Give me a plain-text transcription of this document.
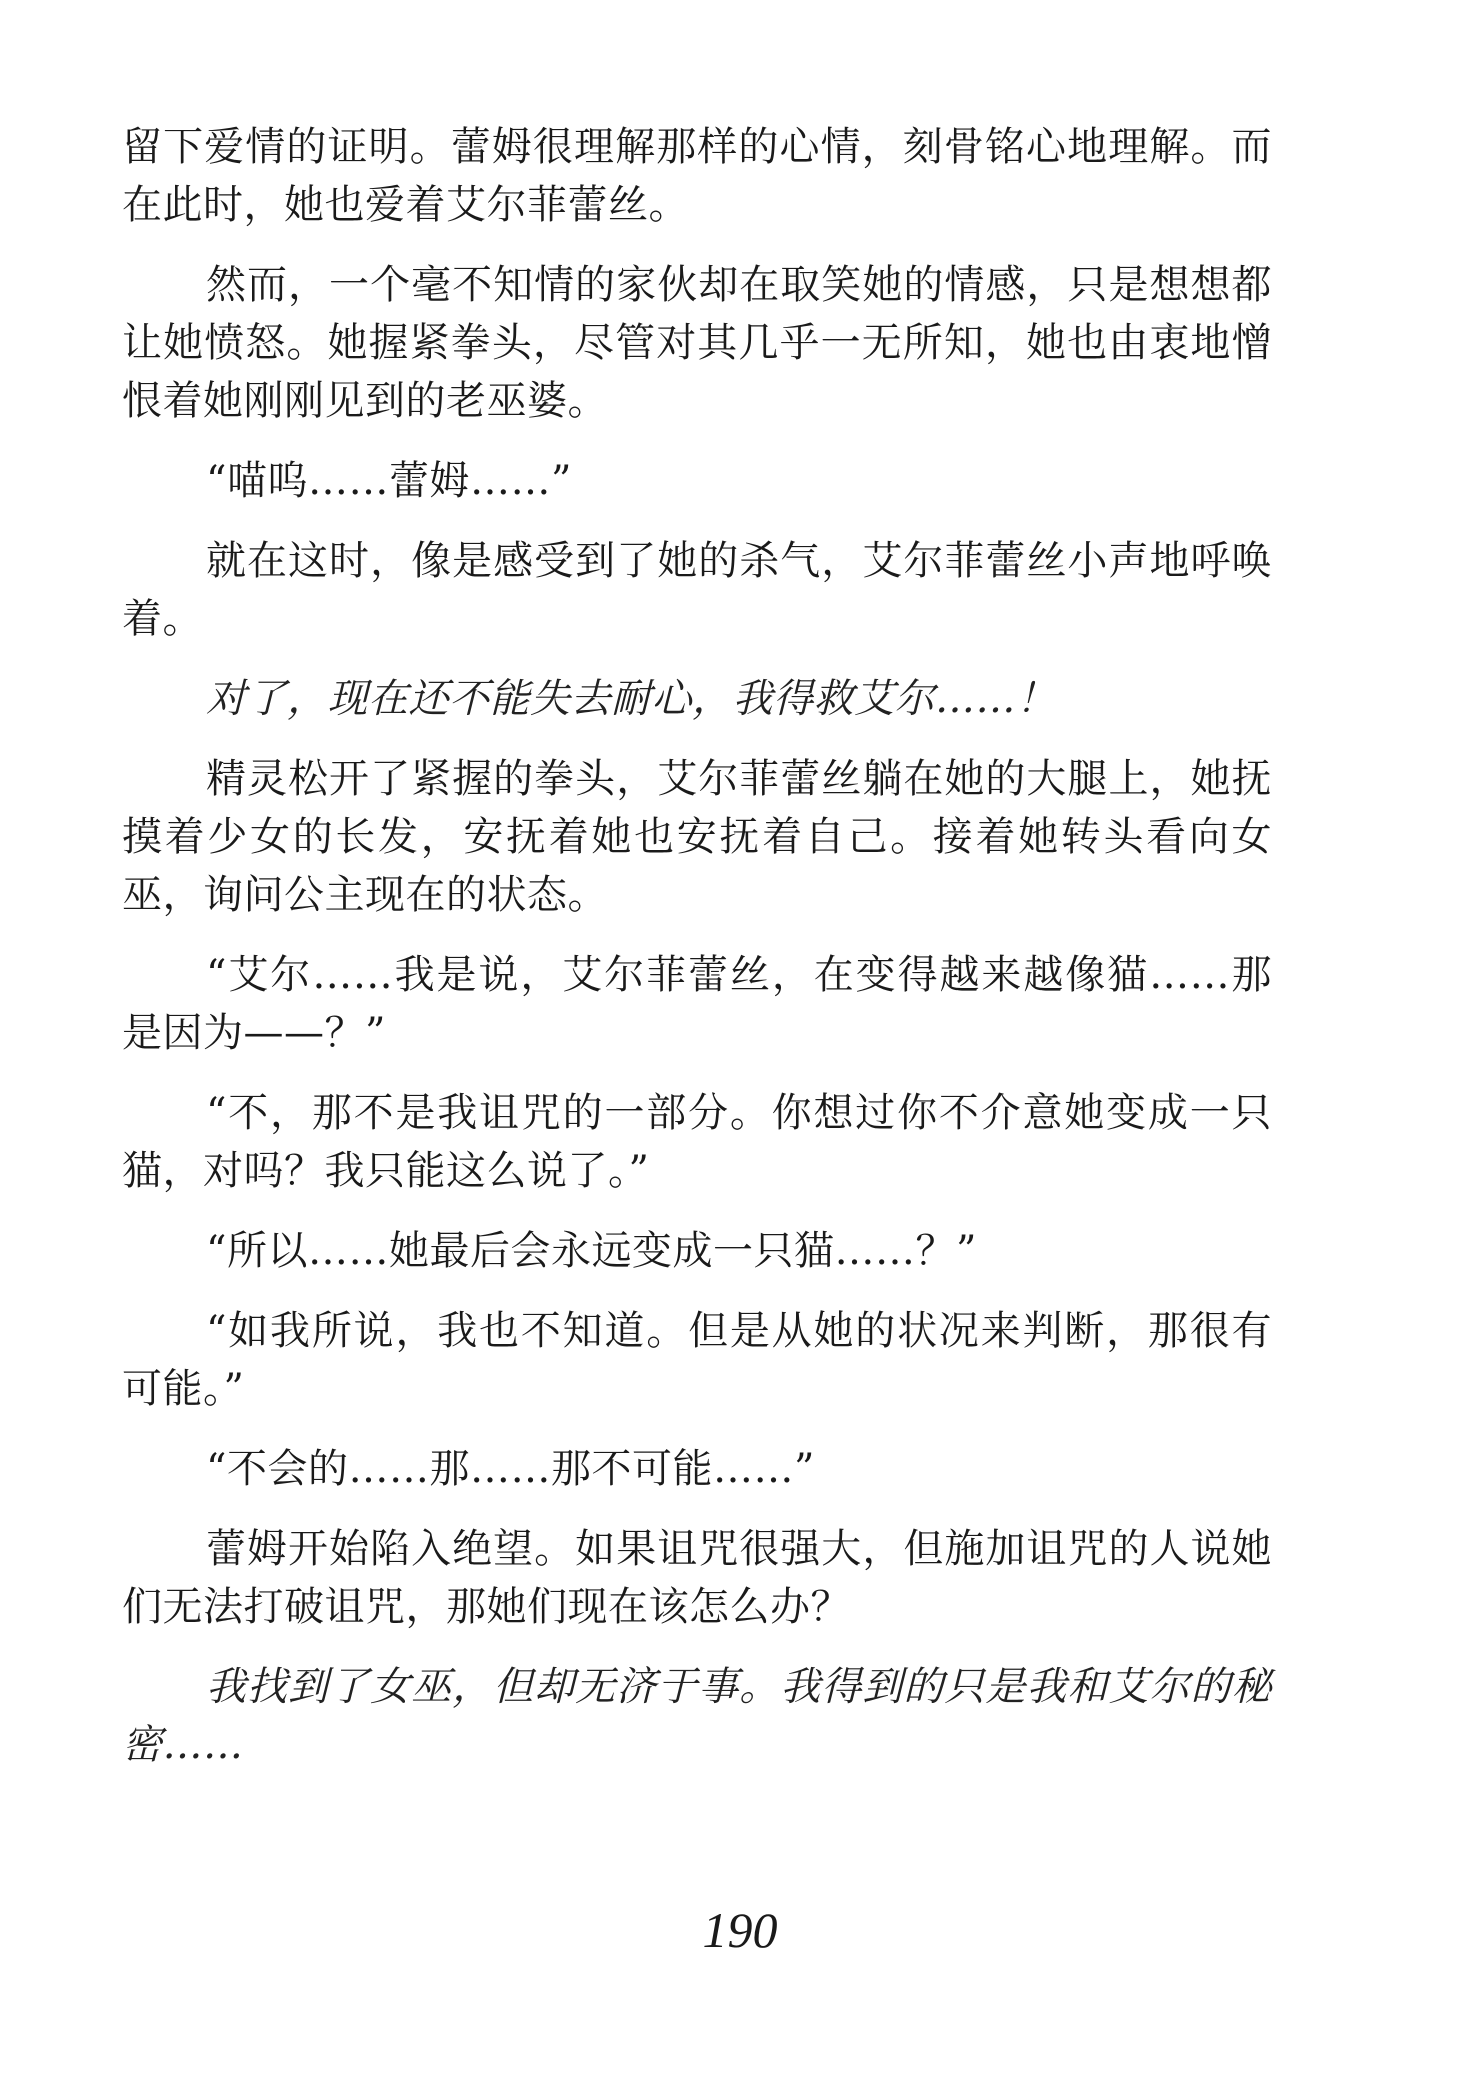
留下爱情的证明。蕾姆很理解那样的心情，刻骨铭心地理解。而在此时，她也爱着艾尔菲蕾丝。

然而，一个毫不知情的家伙却在取笑她的情感，只是想想都让她愤怒。她握紧拳头，尽管对其几乎一无所知，她也由衷地憎恨着她刚刚见到的老巫婆。

“喵呜……蕾姆……”

就在这时，像是感受到了她的杀气，艾尔菲蕾丝小声地呼唤着。

对了，现在还不能失去耐心，我得救艾尔……！

精灵松开了紧握的拳头，艾尔菲蕾丝躺在她的大腿上，她抚摸着少女的长发，安抚着她也安抚着自己。接着她转头看向女巫，询问公主现在的状态。

“艾尔……我是说，艾尔菲蕾丝，在变得越来越像猫……那是因为——？”

“不，那不是我诅咒的一部分。你想过你不介意她变成一只猫，对吗？我只能这么说了。”

“所以……她最后会永远变成一只猫……？”

“如我所说，我也不知道。但是从她的状况来判断，那很有可能。”

“不会的……那……那不可能……”

蕾姆开始陷入绝望。如果诅咒很强大，但施加诅咒的人说她们无法打破诅咒，那她们现在该怎么办？

我找到了女巫，但却无济于事。我得到的只是我和艾尔的秘密……

190
